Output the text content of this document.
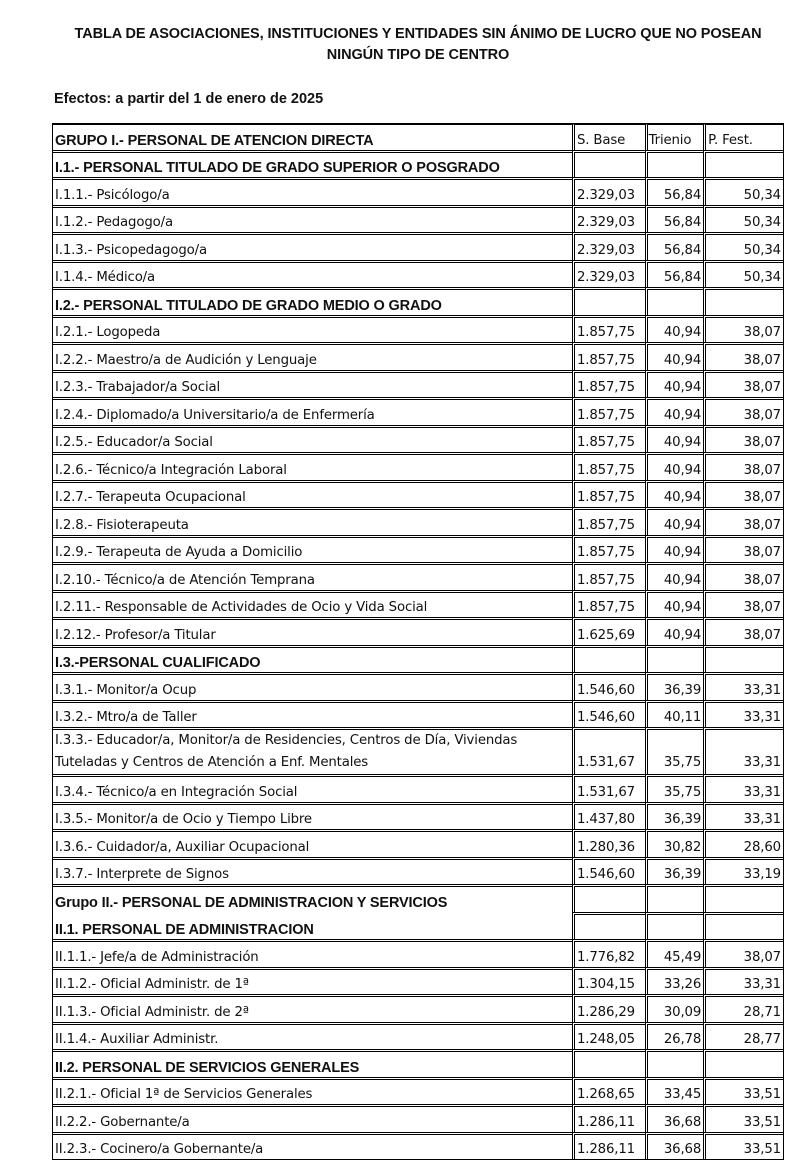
TABLA DE ASOCIACIONES, INSTITUCIONES Y ENTIDADES SIN ÁNIMO DE LUCRO QUE NO POSEAN
NINGÚN TIPO DE CENTRO
Efectos: a partir del 1 de enero de 2025
GRUPO I.- PERSONAL DE ATENCION DIRECTA	S. Base	Trienio	P. Fest.
I.1.- PERSONAL TITULADO DE GRADO SUPERIOR O POSGRADO			
I.1.1.- Psicólogo/a	2.329,03	56,84	50,34
I.1.2.- Pedagogo/a	2.329,03	56,84	50,34
I.1.3.- Psicopedagogo/a	2.329,03	56,84	50,34
I.1.4.- Médico/a	2.329,03	56,84	50,34
I.2.- PERSONAL TITULADO DE GRADO MEDIO O GRADO			
I.2.1.- Logopeda	1.857,75	40,94	38,07
I.2.2.- Maestro/a de Audición y Lenguaje	1.857,75	40,94	38,07
I.2.3.- Trabajador/a Social	1.857,75	40,94	38,07
I.2.4.- Diplomado/a Universitario/a de Enfermería	1.857,75	40,94	38,07
I.2.5.- Educador/a Social	1.857,75	40,94	38,07
I.2.6.- Técnico/a Integración Laboral	1.857,75	40,94	38,07
I.2.7.- Terapeuta Ocupacional	1.857,75	40,94	38,07
I.2.8.- Fisioterapeuta	1.857,75	40,94	38,07
I.2.9.- Terapeuta de Ayuda a Domicilio	1.857,75	40,94	38,07
I.2.10.- Técnico/a de Atención Temprana	1.857,75	40,94	38,07
I.2.11.- Responsable de Actividades de Ocio y Vida Social	1.857,75	40,94	38,07
I.2.12.- Profesor/a Titular	1.625,69	40,94	38,07
I.3.-PERSONAL CUALIFICADO			
I.3.1.- Monitor/a Ocup	1.546,60	36,39	33,31
I.3.2.- Mtro/a de Taller	1.546,60	40,11	33,31
I.3.3.- Educador/a, Monitor/a de Residencies, Centros de Día, Viviendas Tuteladas y Centros de Atención a Enf. Mentales	1.531,67	35,75	33,31
I.3.4.- Técnico/a en Integración Social	1.531,67	35,75	33,31
I.3.5.- Monitor/a de Ocio y Tiempo Libre	1.437,80	36,39	33,31
I.3.6.- Cuidador/a, Auxiliar Ocupacional	1.280,36	30,82	28,60
I.3.7.- Interprete de Signos	1.546,60	36,39	33,19
Grupo II.- PERSONAL DE ADMINISTRACION Y SERVICIOS			
II.1. PERSONAL DE ADMINISTRACION			
II.1.1.- Jefe/a de Administración	1.776,82	45,49	38,07
II.1.2.- Oficial Administr. de 1ª	1.304,15	33,26	33,31
II.1.3.- Oficial Administr. de 2ª	1.286,29	30,09	28,71
II.1.4.- Auxiliar Administr.	1.248,05	26,78	28,77
II.2. PERSONAL DE SERVICIOS GENERALES			
II.2.1.- Oficial 1ª de Servicios Generales	1.268,65	33,45	33,51
II.2.2.- Gobernante/a	1.286,11	36,68	33,51
II.2.3.- Cocinero/a Gobernante/a	1.286,11	36,68	33,51
